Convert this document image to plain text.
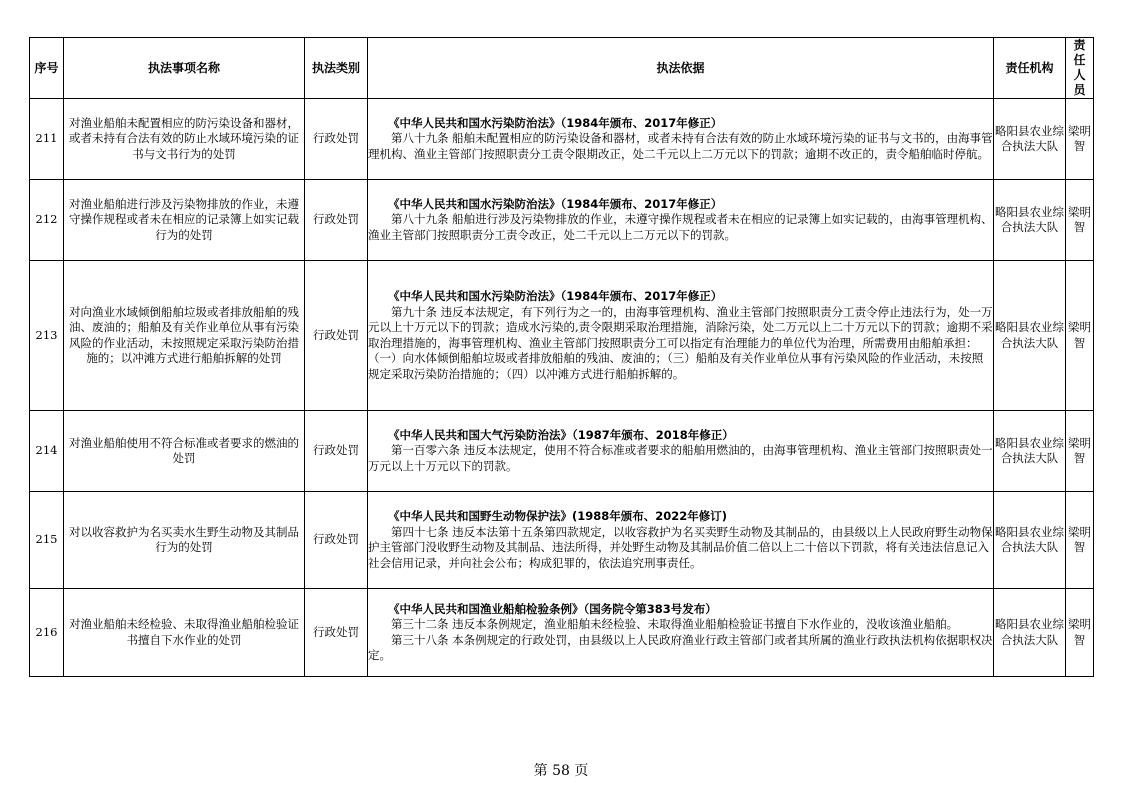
序号	执法事项名称	执法类别	执法依据	责任机构	责任人员
211	对渔业船舶未配置相应的防污染设备和器材，或者未持有合法有效的防止水域环境污染的证书与文书行为的处罚	行政处罚	《中华人民共和国水污染防治法》（1984年颁布、2017年修正）
第八十九条 船舶未配置相应的防污染设备和器材，或者未持有合法有效的防止水域环境污染的证书与文书的，由海事管理机构、渔业主管部门按照职责分工责令限期改正，处二千元以上二万元以下的罚款；逾期不改正的，责令船舶临时停航。	略阳县农业综合执法大队	梁明智
212	对渔业船舶进行涉及污染物排放的作业，未遵守操作规程或者未在相应的记录簿上如实记载行为的处罚	行政处罚	《中华人民共和国水污染防治法》（1984年颁布、2017年修正）
第八十九条 船舶进行涉及污染物排放的作业，未遵守操作规程或者未在相应的记录簿上如实记载的，由海事管理机构、渔业主管部门按照职责分工责令改正，处二千元以上二万元以下的罚款。	略阳县农业综合执法大队	梁明智
213	对向渔业水域倾倒船舶垃圾或者排放船舶的残油、废油的；船舶及有关作业单位从事有污染风险的作业活动，未按照规定采取污染防治措施的；以冲滩方式进行船舶拆解的处罚	行政处罚	《中华人民共和国水污染防治法》（1984年颁布、2017年修正）
第九十条 违反本法规定，有下列行为之一的，由海事管理机构、渔业主管部门按照职责分工责令停止违法行为，处一万元以上十万元以下的罚款；造成水污染的,责令限期采取治理措施，消除污染，处二万元以上二十万元以下的罚款；逾期不采取治理措施的，海事管理机构、渔业主管部门按照职责分工可以指定有治理能力的单位代为治理，所需费用由船舶承担：（一）向水体倾倒船舶垃圾或者排放船舶的残油、废油的；（三）船舶及有关作业单位从事有污染风险的作业活动，未按照规定采取污染防治措施的；（四）以冲滩方式进行船舶拆解的。	略阳县农业综合执法大队	梁明智
214	对渔业船舶使用不符合标准或者要求的燃油的处罚	行政处罚	《中华人民共和国大气污染防治法》（1987年颁布、2018年修正）
第一百零六条 违反本法规定，使用不符合标准或者要求的船舶用燃油的，由海事管理机构、渔业主管部门按照职责处一万元以上十万元以下的罚款。	略阳县农业综合执法大队	梁明智
215	对以收容救护为名买卖水生野生动物及其制品行为的处罚	行政处罚	《中华人民共和国野生动物保护法》(1988年颁布、2022年修订)
第四十七条 违反本法第十五条第四款规定，以收容救护为名买卖野生动物及其制品的，由县级以上人民政府野生动物保护主管部门没收野生动物及其制品、违法所得，并处野生动物及其制品价值二倍以上二十倍以下罚款，将有关违法信息记入社会信用记录，并向社会公布；构成犯罪的，依法追究刑事责任。	略阳县农业综合执法大队	梁明智
216	对渔业船舶未经检验、未取得渔业船舶检验证书擅自下水作业的处罚	行政处罚	《中华人民共和国渔业船舶检验条例》（国务院令第383号发布）
第三十二条 违反本条例规定，渔业船舶未经检验、未取得渔业船舶检验证书擅自下水作业的，没收该渔业船舶。
第三十八条 本条例规定的行政处罚，由县级以上人民政府渔业行政主管部门或者其所属的渔业行政执法机构依据职权决定。	略阳县农业综合执法大队	梁明智
第 58 页
